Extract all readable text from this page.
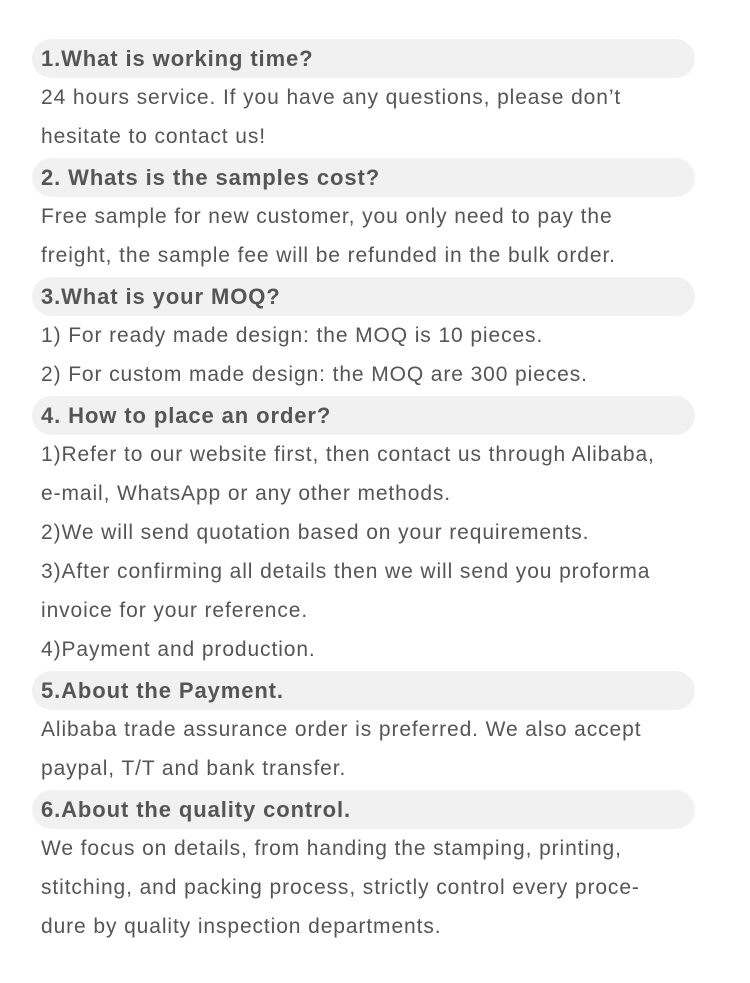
1.What is working time?
24 hours service. If you have any questions, please don’t
hesitate to contact us!
2. Whats is the samples cost?
Free sample for new customer, you only need to pay the
freight, the sample fee will be refunded in the bulk order.
3.What is your MOQ?
1) For ready made design: the MOQ is 10 pieces.
2) For custom made design: the MOQ are 300 pieces.
4. How to place an order?
1)Refer to our website first, then contact us through Alibaba,
e-mail, WhatsApp or any other methods.
2)We will send quotation based on your requirements.
3)After confirming all details then we will send you proforma
invoice for your reference.
4)Payment and production.
5.About the Payment.
Alibaba trade assurance order is preferred. We also accept
paypal, T/T and bank transfer.
6.About the quality control.
We focus on details, from handing the stamping, printing,
stitching, and packing process, strictly control every proce-
dure by quality inspection departments.
